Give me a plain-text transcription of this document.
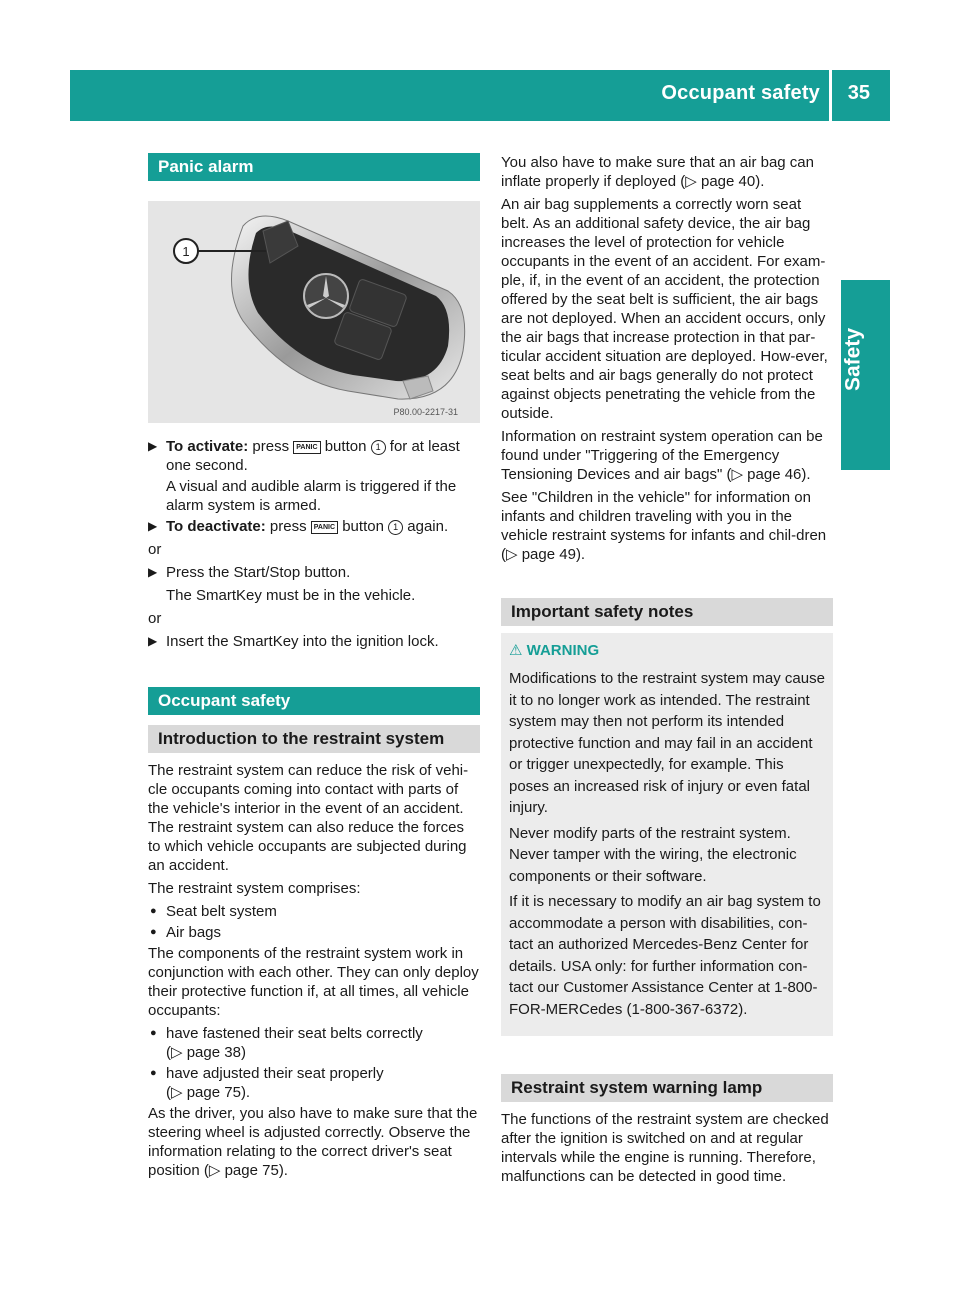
Occupant safety 35
Safety
Panic alarm
1
P80.00-2217-31
▶ To activate: press PANIC button 1 for at least one second.
A visual and audible alarm is triggered if the alarm system is armed.
▶ To deactivate: press PANIC button 1 again.

or

▶ Press the Start/Stop button.
The SmartKey must be in the vehicle.

or

▶ Insert the SmartKey into the ignition lock.
Occupant safety
Introduction to the restraint system

The restraint system can reduce the risk of vehi-cle occupants coming into contact with parts of the vehicle's interior in the event of an accident. The restraint system can also reduce the forces to which vehicle occupants are subjected during an accident.

The restraint system comprises:

● Seat belt system
● Air bags

The components of the restraint system work in conjunction with each other. They can only deploy their protective function if, at all times, all vehicle occupants:

● have fastened their seat belts correctly
(▷ page 38)
● have adjusted their seat properly
(▷ page 75).

As the driver, you also have to make sure that the steering wheel is adjusted correctly. Observe the information relating to the correct driver's seat position (▷ page 75).

You also have to make sure that an air bag can inflate properly if deployed (▷ page 40).

An air bag supplements a correctly worn seat belt. As an additional safety device, the air bag increases the level of protection for vehicle occupants in the event of an accident. For exam-ple, if, in the event of an accident, the protection offered by the seat belt is sufficient, the air bags are not deployed. When an accident occurs, only the air bags that increase protection in that par-ticular accident situation are deployed. How-ever, seat belts and air bags generally do not protect against objects penetrating the vehicle from the outside.

Information on restraint system operation can be found under "Triggering of the Emergency Tensioning Devices and air bags" (▷ page 46).

See "Children in the vehicle" for information on infants and children traveling with you in the vehicle restraint systems for infants and chil-dren (▷ page 49).

Important safety notes
⚠ WARNING

Modifications to the restraint system may cause it to no longer work as intended. The restraint system may then not perform its intended protective function and may fail in an accident or trigger unexpectedly, for example. This poses an increased risk of injury or even fatal injury.

Never modify parts of the restraint system. Never tamper with the wiring, the electronic components or their software.

If it is necessary to modify an air bag system to accommodate a person with disabilities, con-tact an authorized Mercedes-Benz Center for details. USA only: for further information con-tact our Customer Assistance Center at 1-800-FOR-MERCedes (1-800-367-6372).

Restraint system warning lamp

The functions of the restraint system are checked after the ignition is switched on and at regular intervals while the engine is running. Therefore, malfunctions can be detected in good time.
